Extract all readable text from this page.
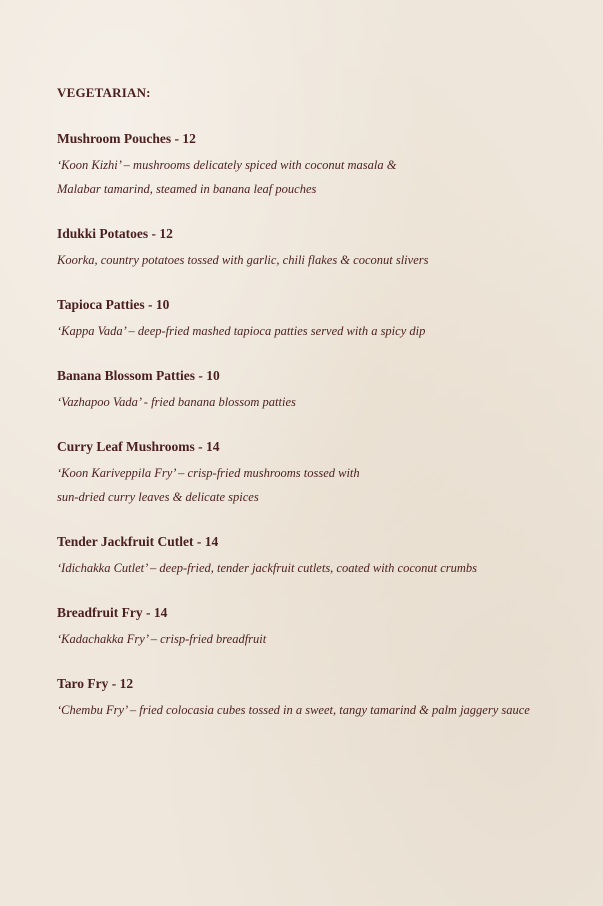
VEGETARIAN:
Mushroom Pouches - 12
‘Koon Kizhi’ – mushrooms delicately spiced with coconut masala &
Malabar tamarind, steamed in banana leaf pouches
Idukki Potatoes - 12
Koorka, country potatoes tossed with garlic, chili flakes & coconut slivers
Tapioca Patties - 10
‘Kappa Vada’ – deep-fried mashed tapioca patties served with a spicy dip
Banana Blossom Patties - 10
‘Vazhapoo Vada’ - fried banana blossom patties
Curry Leaf Mushrooms - 14
‘Koon Kariveppila Fry’ – crisp-fried mushrooms tossed with
sun-dried curry leaves & delicate spices
Tender Jackfruit Cutlet - 14
‘Idichakka Cutlet’ – deep-fried, tender jackfruit cutlets, coated with coconut crumbs
Breadfruit Fry - 14
‘Kadachakka Fry’ – crisp-fried breadfruit
Taro Fry - 12
‘Chembu Fry’ – fried colocasia cubes tossed in a sweet, tangy tamarind & palm jaggery sauce
